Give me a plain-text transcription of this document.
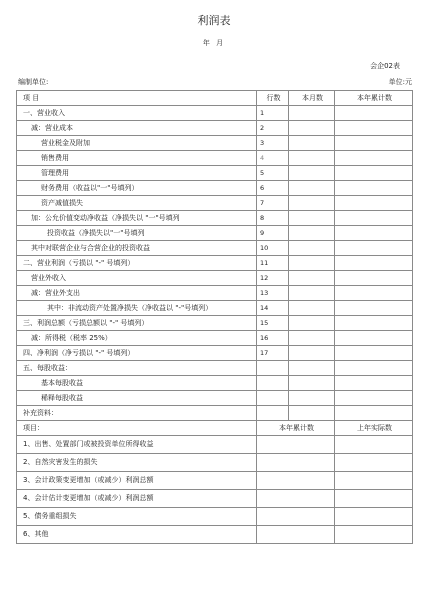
利润表
年 月
会企02表
编制单位:	单位:元
项 目	行数	本月数	本年累计数
一、营业收入	1		
减：营业成本	2		
营业税金及附加	3		
销售费用	4		
管理费用	5		
财务费用（收益以"一"号填列）	6		
资产减值损失	7		
加：公允价值变动净收益（净损失以 "一"号填列	8		
投资收益（净损失以"一"号填列	9		
其中对联营企业与合营企业的投资收益	10		
二、营业利润（亏损以 "-" 号填列）	11		
营业外收入	12		
减：营业外支出	13		
其中：非流动资产处置净损失（净收益以 "-"号填列）	14		
三、利润总额（亏损总额以 "-" 号填列）	15		
减：所得税（税率 25%）	16		
四、净利润（净亏损以 "-" 号填列）	17		
五、每股收益：			
基本每股收益			
稀释每股收益			
补充资料：			
项目：	本年累计数		上年实际数
1、出售、处置部门或被投资单位所得收益			
2、自然灾害发生的损失			
3、会计政策变更增加（或减少）利润总额			
4、会计估计变更增加（或减少）利润总额			
5、债务重组损失			
6、其他			
